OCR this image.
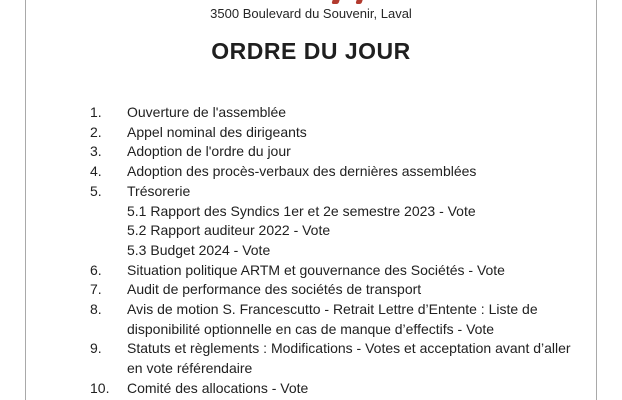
3500 Boulevard du Souvenir, Laval
ORDRE DU JOUR
1.	Ouverture de l'assemblée
2.	Appel nominal des dirigeants
3.	Adoption de l'ordre du jour
4.	Adoption des procès-verbaux des dernières assemblées
5.	Trésorerie
5.1 Rapport des Syndics 1er et 2e semestre 2023 - Vote
5.2 Rapport auditeur 2022 - Vote
5.3 Budget 2024 - Vote
6.	Situation politique ARTM et gouvernance des Sociétés - Vote
7.	Audit de performance des sociétés de transport
8.	Avis de motion S. Francescutto - Retrait Lettre d’Entente : Liste de disponibilité optionnelle en cas de manque d’effectifs - Vote
9.	Statuts et règlements : Modifications - Votes et acceptation avant d’aller en vote référendaire
10.	Comité des allocations - Vote
